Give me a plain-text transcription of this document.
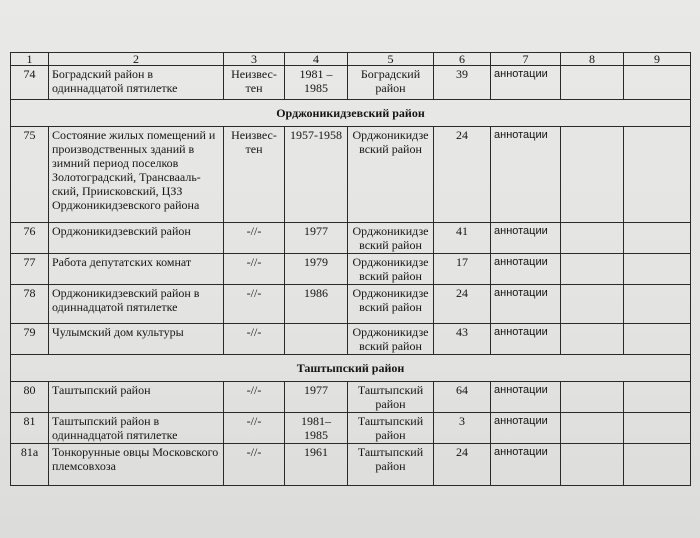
1	2	3	4	5	6	7	8	9
74	Боградский район в одиннадцатой пятилетке	Неизвес-тен	1981 – 1985	Боградский район	39	аннотации		
Орджоникидзевский район								
75	Состояние жилых помещений и производственных зданий в зимний период поселков Золотоградский, Трансвааль-ский, Приисковский, ЦЗЗ Орджоникидзевского района	Неизвес-тен	1957-1958	Орджоникидзе вский район	24	аннотации		
76	Орджоникидзевский район	-//-	1977	Орджоникидзе вский район	41	аннотации		
77	Работа депутатских комнат	-//-	1979	Орджоникидзе вский район	17	аннотации		
78	Орджоникидзевский район в одиннадцатой пятилетке	-//-	1986	Орджоникидзе вский район	24	аннотации		
79	Чулымский дом культуры	-//-		Орджоникидзе вский район	43	аннотации		
Таштыпский район								
80	Таштыпский район	-//-	1977	Таштыпский район	64	аннотации		
81	Таштыпский район в одиннадцатой пятилетке	-//-	1981– 1985	Таштыпский район	3	аннотации		
81а	Тонкорунные овцы Московского племсовхоза	-//-	1961	Таштыпский район	24	аннотации		
